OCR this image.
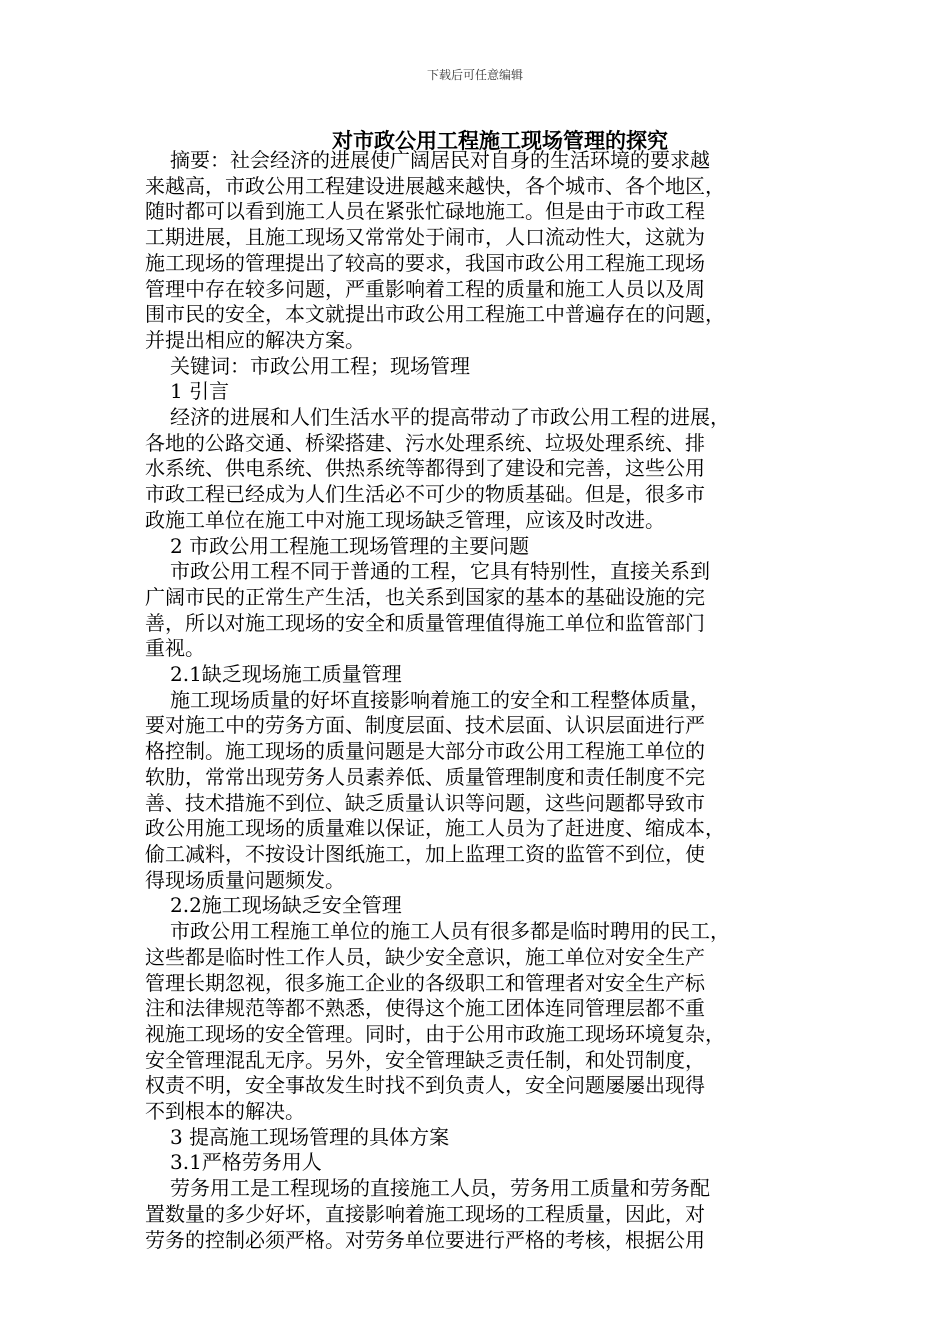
下载后可任意编辑
对市政公用工程施工现场管理的探究

摘要：社会经济的进展使广阔居民对自身的生活环境的要求越
来越高，市政公用工程建设进展越来越快，各个城市、各个地区，
随时都可以看到施工人员在紧张忙碌地施工。但是由于市政工程
工期进展，且施工现场又常常处于闹市，人口流动性大，这就为
施工现场的管理提出了较高的要求，我国市政公用工程施工现场
管理中存在较多问题，严重影响着工程的质量和施工人员以及周
围市民的安全，本文就提出市政公用工程施工中普遍存在的问题，
并提出相应的解决方案。

关键词：市政公用工程；现场管理

1 引言

经济的进展和人们生活水平的提高带动了市政公用工程的进展，
各地的公路交通、桥梁搭建、污水处理系统、垃圾处理系统、排
水系统、供电系统、供热系统等都得到了建设和完善，这些公用
市政工程已经成为人们生活必不可少的物质基础。但是，很多市
政施工单位在施工中对施工现场缺乏管理，应该及时改进。

2 市政公用工程施工现场管理的主要问题

市政公用工程不同于普通的工程，它具有特别性，直接关系到
广阔市民的正常生产生活，也关系到国家的基本的基础设施的完
善，所以对施工现场的安全和质量管理值得施工单位和监管部门
重视。

2.1缺乏现场施工质量管理

施工现场质量的好坏直接影响着施工的安全和工程整体质量，
要对施工中的劳务方面、制度层面、技术层面、认识层面进行严
格控制。施工现场的质量问题是大部分市政公用工程施工单位的
软肋，常常出现劳务人员素养低、质量管理制度和责任制度不完
善、技术措施不到位、缺乏质量认识等问题，这些问题都导致市
政公用施工现场的质量难以保证，施工人员为了赶进度、缩成本，
偷工减料，不按设计图纸施工，加上监理工资的监管不到位，使
得现场质量问题频发。

2.2施工现场缺乏安全管理

市政公用工程施工单位的施工人员有很多都是临时聘用的民工，
这些都是临时性工作人员，缺少安全意识，施工单位对安全生产
管理长期忽视，很多施工企业的各级职工和管理者对安全生产标
注和法律规范等都不熟悉，使得这个施工团体连同管理层都不重
视施工现场的安全管理。同时，由于公用市政施工现场环境复杂，
安全管理混乱无序。另外，安全管理缺乏责任制，和处罚制度，
权责不明，安全事故发生时找不到负责人，安全问题屡屡出现得
不到根本的解决。

3 提高施工现场管理的具体方案

3.1严格劳务用人

劳务用工是工程现场的直接施工人员，劳务用工质量和劳务配
置数量的多少好坏，直接影响着施工现场的工程质量，因此，对
劳务的控制必须严格。对劳务单位要进行严格的考核，根据公用
